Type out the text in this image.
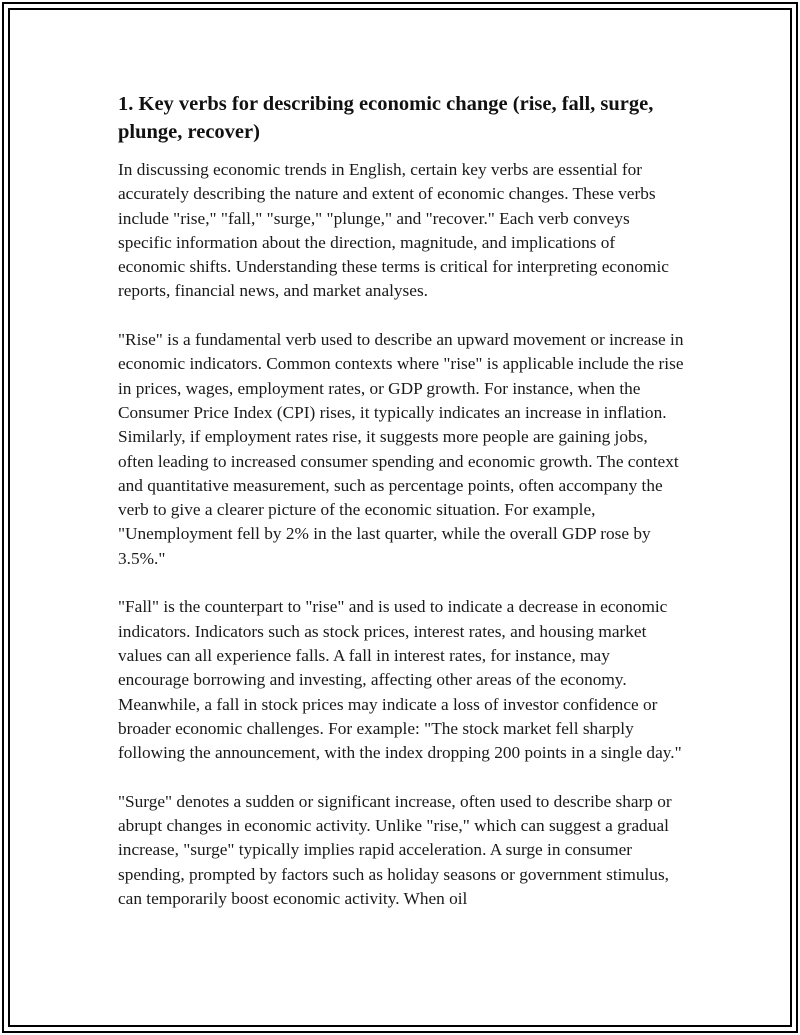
1. Key verbs for describing economic change (rise, fall, surge, plunge, recover)

In discussing economic trends in English, certain key verbs are essential for accurately describing the nature and extent of economic changes. These verbs include "rise," "fall," "surge," "plunge," and "recover." Each verb conveys specific information about the direction, magnitude, and implications of economic shifts. Understanding these terms is critical for interpreting economic reports, financial news, and market analyses.

"Rise" is a fundamental verb used to describe an upward movement or increase in economic indicators. Common contexts where "rise" is applicable include the rise in prices, wages, employment rates, or GDP growth. For instance, when the Consumer Price Index (CPI) rises, it typically indicates an increase in inflation. Similarly, if employment rates rise, it suggests more people are gaining jobs, often leading to increased consumer spending and economic growth. The context and quantitative measurement, such as percentage points, often accompany the verb to give a clearer picture of the economic situation. For example, "Unemployment fell by 2% in the last quarter, while the overall GDP rose by 3.5%."

"Fall" is the counterpart to "rise" and is used to indicate a decrease in economic indicators. Indicators such as stock prices, interest rates, and housing market values can all experience falls. A fall in interest rates, for instance, may encourage borrowing and investing, affecting other areas of the economy. Meanwhile, a fall in stock prices may indicate a loss of investor confidence or broader economic challenges. For example: "The stock market fell sharply following the announcement, with the index dropping 200 points in a single day."

"Surge" denotes a sudden or significant increase, often used to describe sharp or abrupt changes in economic activity. Unlike "rise," which can suggest a gradual increase, "surge" typically implies rapid acceleration. A surge in consumer spending, prompted by factors such as holiday seasons or government stimulus, can temporarily boost economic activity. When oil
